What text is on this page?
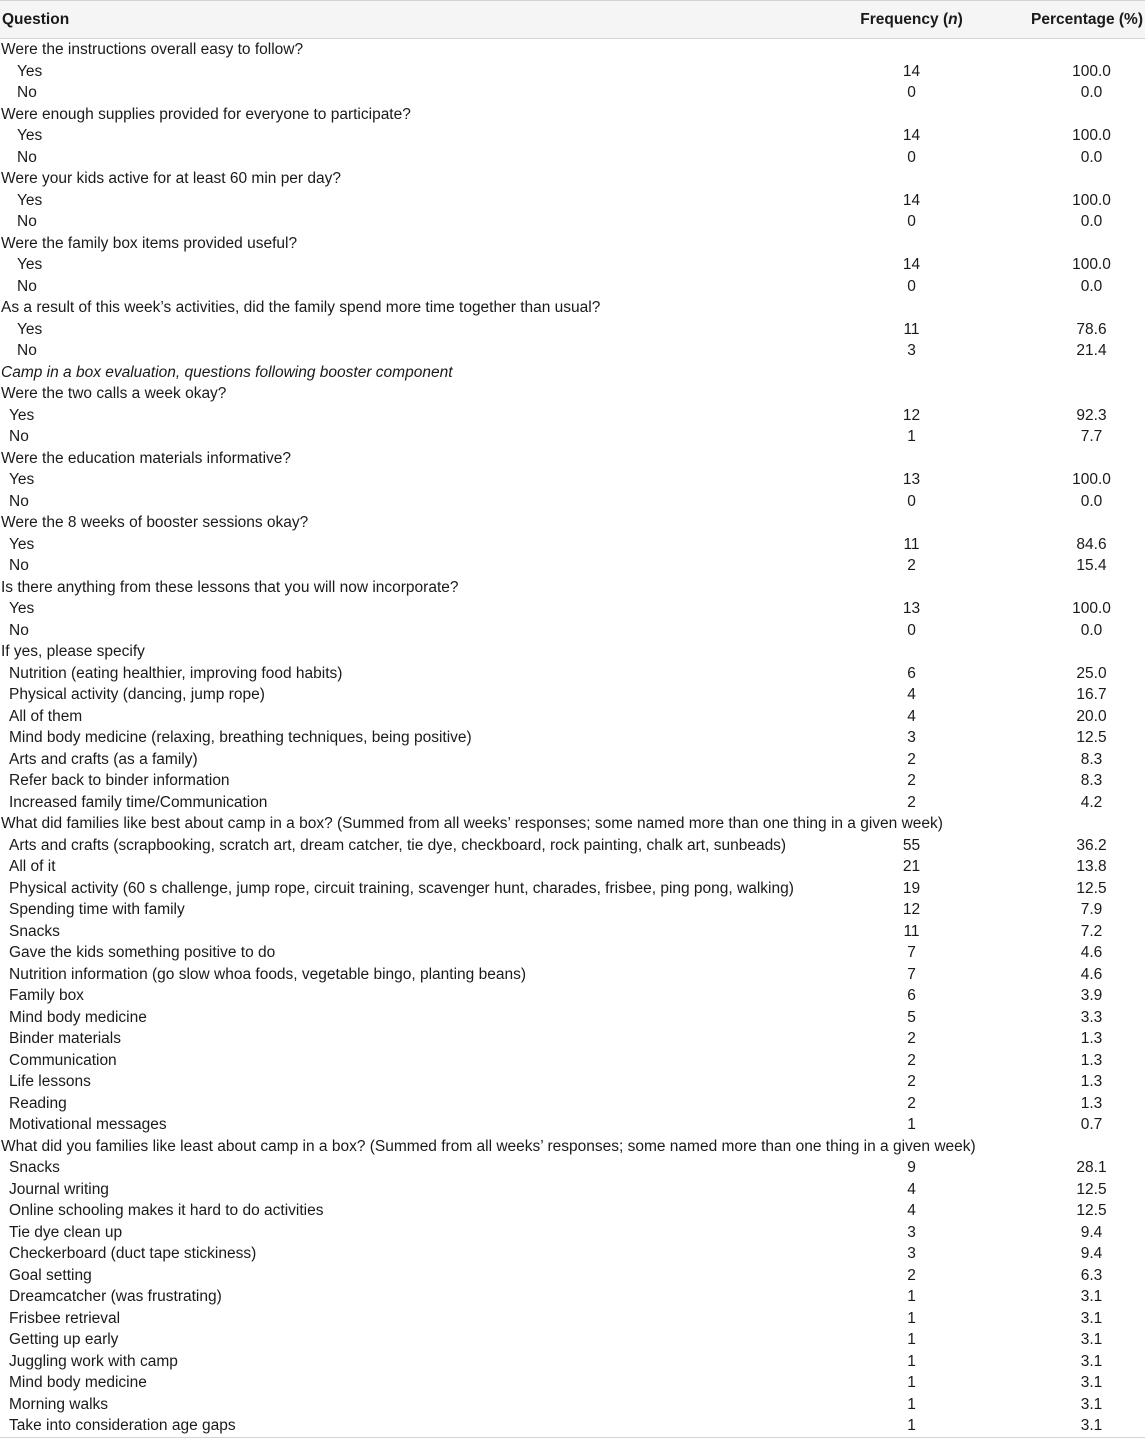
Question	Frequency (n)	Percentage (%)
Were the instructions overall easy to follow?		
Yes	14	100.0
No	0	0.0
Were enough supplies provided for everyone to participate?		
Yes	14	100.0
No	0	0.0
Were your kids active for at least 60 min per day?		
Yes	14	100.0
No	0	0.0
Were the family box items provided useful?		
Yes	14	100.0
No	0	0.0
As a result of this week’s activities, did the family spend more time together than usual?		
Yes	11	78.6
No	3	21.4
Camp in a box evaluation, questions following booster component		
Were the two calls a week okay?		
Yes	12	92.3
No	1	7.7
Were the education materials informative?		
Yes	13	100.0
No	0	0.0
Were the 8 weeks of booster sessions okay?		
Yes	11	84.6
No	2	15.4
Is there anything from these lessons that you will now incorporate?		
Yes	13	100.0
No	0	0.0
If yes, please specify		
Nutrition (eating healthier, improving food habits)	6	25.0
Physical activity (dancing, jump rope)	4	16.7
All of them	4	20.0
Mind body medicine (relaxing, breathing techniques, being positive)	3	12.5
Arts and crafts (as a family)	2	8.3
Refer back to binder information	2	8.3
Increased family time/Communication	2	4.2
What did families like best about camp in a box? (Summed from all weeks’ responses; some named more than one thing in a given week)		
Arts and crafts (scrapbooking, scratch art, dream catcher, tie dye, checkboard, rock painting, chalk art, sunbeads)	55	36.2
All of it	21	13.8
Physical activity (60 s challenge, jump rope, circuit training, scavenger hunt, charades, frisbee, ping pong, walking)	19	12.5
Spending time with family	12	7.9
Snacks	11	7.2
Gave the kids something positive to do	7	4.6
Nutrition information (go slow whoa foods, vegetable bingo, planting beans)	7	4.6
Family box	6	3.9
Mind body medicine	5	3.3
Binder materials	2	1.3
Communication	2	1.3
Life lessons	2	1.3
Reading	2	1.3
Motivational messages	1	0.7
What did you families like least about camp in a box? (Summed from all weeks’ responses; some named more than one thing in a given week)		
Snacks	9	28.1
Journal writing	4	12.5
Online schooling makes it hard to do activities	4	12.5
Tie dye clean up	3	9.4
Checkerboard (duct tape stickiness)	3	9.4
Goal setting	2	6.3
Dreamcatcher (was frustrating)	1	3.1
Frisbee retrieval	1	3.1
Getting up early	1	3.1
Juggling work with camp	1	3.1
Mind body medicine	1	3.1
Morning walks	1	3.1
Take into consideration age gaps	1	3.1
